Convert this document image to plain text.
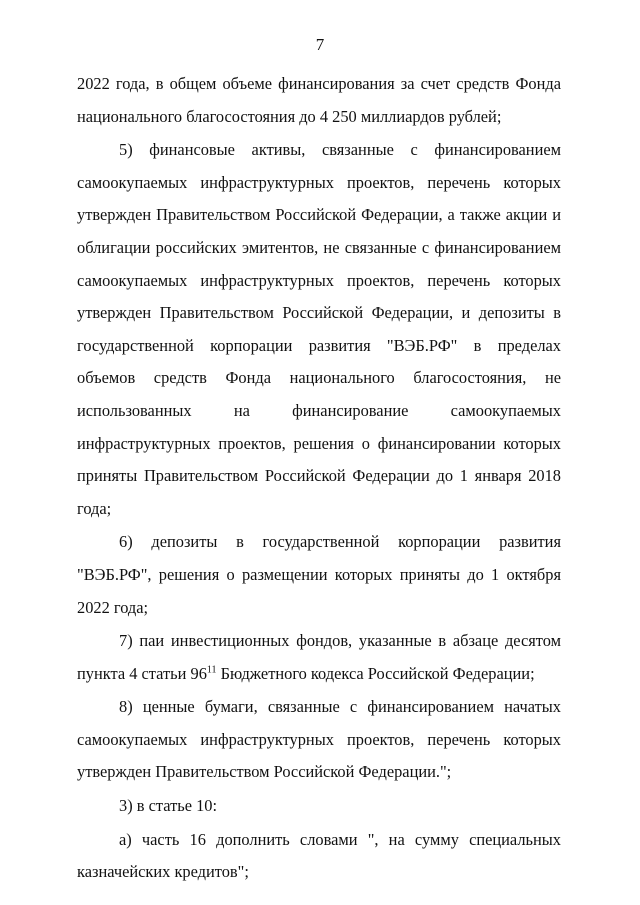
7

2022 года, в общем объеме финансирования за счет средств Фонда национального благосостояния до 4 250 миллиардов рублей;

5) финансовые активы, связанные с финансированием самоокупаемых инфраструктурных проектов, перечень которых утвержден Правительством Российской Федерации, а также акции и облигации российских эмитентов, не связанные с финансированием самоокупаемых инфраструктурных проектов, перечень которых утвержден Правительством Российской Федерации, и депозиты в государственной корпорации развития "ВЭБ.РФ" в пределах объемов средств Фонда национального благосостояния, не использованных на финансирование самоокупаемых инфраструктурных проектов, решения о финансировании которых приняты Правительством Российской Федерации до 1 января 2018 года;

6) депозиты в государственной корпорации развития "ВЭБ.РФ", решения о размещении которых приняты до 1 октября 2022 года;

7) паи инвестиционных фондов, указанные в абзаце десятом пункта 4 статьи $96^{11}$ Бюджетного кодекса Российской Федерации;

8) ценные бумаги, связанные с финансированием начатых самоокупаемых инфраструктурных проектов, перечень которых утвержден Правительством Российской Федерации.";

3) в статье 10:

а) часть 16 дополнить словами ", на сумму специальных казначейских кредитов";
